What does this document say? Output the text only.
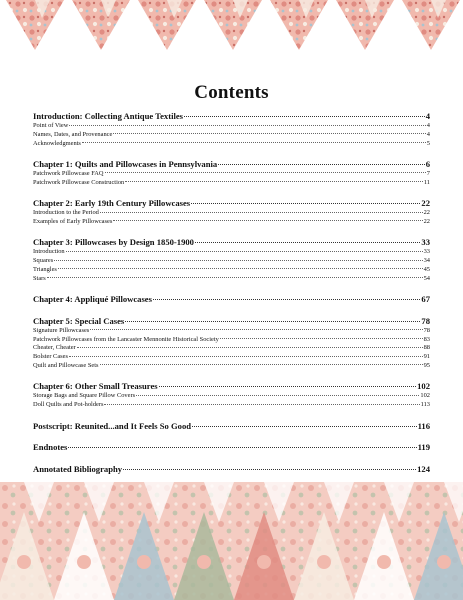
Contents
Introduction: Collecting Antique Textiles	4
Point of View	4
Names, Dates, and Provenance	4
Acknowledgments	5
Chapter 1: Quilts and Pillowcases in Pennsylvania	6
Patchwork Pillowcase FAQ	7
Patchwork Pillowcase Construction	11
Chapter 2: Early 19th Century Pillowcases	22
Introduction to the Period	22
Examples of Early Pillowcases	22
Chapter 3: Pillowcases by Design 1850-1900	33
Introduction	33
Squares	34
Triangles	45
Stars	54
Chapter 4: Appliqué Pillowcases	67
Chapter 5: Special Cases	78
Signature Pillowcases	78
Patchwork Pillowcases from the Lancaster Mennonite Historical Society	83
Cheater, Cheater	88
Bolster Cases	91
Quilt and Pillowcase Sets	95
Chapter 6: Other Small Treasures	102
Storage Bags and Square Pillow Covers	102
Doll Quilts and Pot-holders	113
Postscript: Reunited...and It Feels So Good	116
Endnotes	119
Annotated Bibliography	124
